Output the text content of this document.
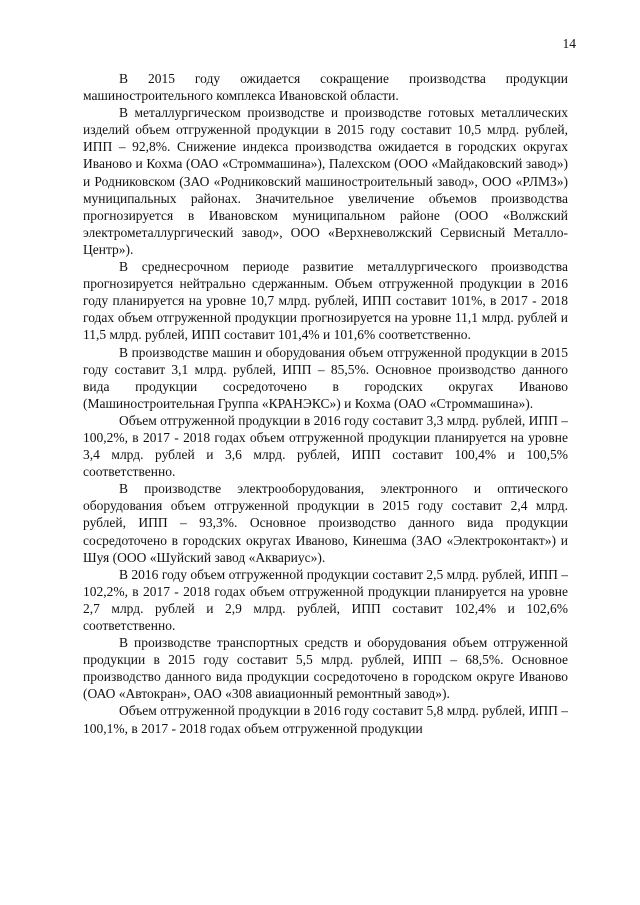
14

В 2015 году ожидается сокращение производства продукции машиностроительного комплекса Ивановской области.

В металлургическом производстве и производстве готовых металлических изделий объем отгруженной продукции в 2015 году составит 10,5 млрд. рублей, ИПП – 92,8%. Снижение индекса производства ожидается в городских округах Иваново и Кохма (ОАО «Строммашина»), Палехском (ООО «Майдаковский завод») и Родниковском (ЗАО «Родниковский машиностроительный завод», ООО «РЛМЗ») муниципальных районах. Значительное увеличение объемов производства прогнозируется в Ивановском муниципальном районе (ООО «Волжский электрометаллургический завод», ООО «Верхневолжский Сервисный Металло-Центр»).

В среднесрочном периоде развитие металлургического производства прогнозируется нейтрально сдержанным. Объем отгруженной продукции в 2016 году планируется на уровне 10,7 млрд. рублей, ИПП составит 101%, в 2017 - 2018 годах объем отгруженной продукции прогнозируется на уровне 11,1 млрд. рублей и 11,5 млрд. рублей, ИПП составит 101,4% и 101,6% соответственно.

В производстве машин и оборудования объем отгруженной продукции в 2015 году составит 3,1 млрд. рублей, ИПП – 85,5%. Основное производство данного вида продукции сосредоточено в городских округах Иваново (Машиностроительная Группа «КРАНЭКС») и Кохма (ОАО «Строммашина»).

Объем отгруженной продукции в 2016 году составит 3,3 млрд. рублей, ИПП – 100,2%, в 2017 - 2018 годах объем отгруженной продукции планируется на уровне 3,4 млрд. рублей и 3,6 млрд. рублей, ИПП составит 100,4% и 100,5% соответственно.

В производстве электрооборудования, электронного и оптического оборудования объем отгруженной продукции в 2015 году составит 2,4 млрд. рублей, ИПП – 93,3%. Основное производство данного вида продукции сосредоточено в городских округах Иваново, Кинешма (ЗАО «Электроконтакт») и Шуя (ООО «Шуйский завод «Аквариус»).

В 2016 году объем отгруженной продукции составит 2,5 млрд. рублей, ИПП – 102,2%, в 2017 - 2018 годах объем отгруженной продукции планируется на уровне 2,7 млрд. рублей и 2,9 млрд. рублей, ИПП составит 102,4% и 102,6% соответственно.

В производстве транспортных средств и оборудования объем отгруженной продукции в 2015 году составит 5,5 млрд. рублей, ИПП – 68,5%. Основное производство данного вида продукции сосредоточено в городском округе Иваново (ОАО «Автокран», ОАО «308 авиационный ремонтный завод»).

Объем отгруженной продукции в 2016 году составит 5,8 млрд. рублей, ИПП – 100,1%, в 2017 - 2018 годах объем отгруженной продукции
